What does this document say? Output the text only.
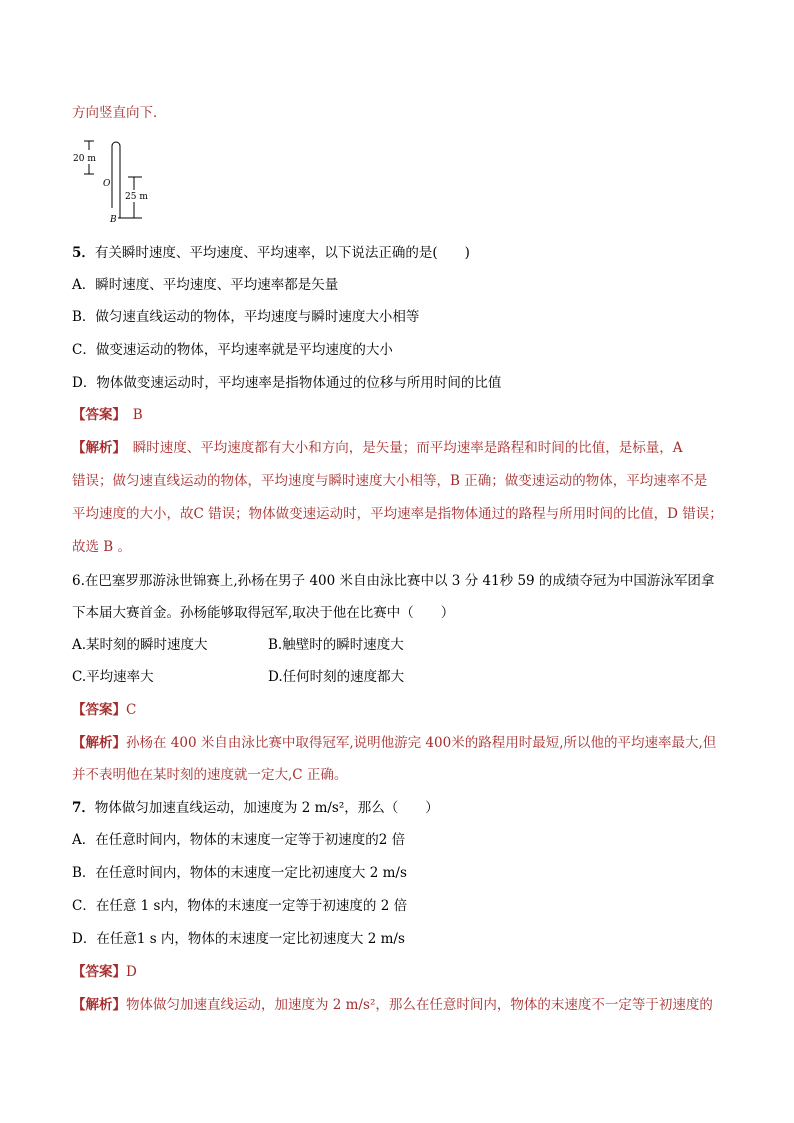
方向竖直向下．
20 m
O
25 m
B
5．有关瞬时速度、平均速度、平均速率，以下说法正确的是(　　)
A．瞬时速度、平均速度、平均速率都是矢量
B．做匀速直线运动的物体，平均速度与瞬时速度大小相等
C．做变速运动的物体，平均速率就是平均速度的大小
D．物体做变速运动时，平均速率是指物体通过的位移与所用时间的比值
【答案】　B
【解析】　瞬时速度、平均速度都有大小和方向，是矢量；而平均速率是路程和时间的比值，是标量，A
错误；做匀速直线运动的物体，平均速度与瞬时速度大小相等，B 正确；做变速运动的物体，平均速率不是
平均速度的大小，故C 错误；物体做变速运动时，平均速率是指物体通过的路程与所用时间的比值，D 错误；
故选 B 。
6.在巴塞罗那游泳世锦赛上,孙杨在男子 400 米自由泳比赛中以 3 分 41秒 59 的成绩夺冠为中国游泳军团拿
下本届大赛首金。孙杨能够取得冠军,取决于他在比赛中（　　）
A.某时刻的瞬时速度大	B.触壁时的瞬时速度大
C.平均速率大	D.任何时刻的速度都大
【答案】C
【解析】孙杨在 400 米自由泳比赛中取得冠军,说明他游完 400米的路程用时最短,所以他的平均速率最大,但
并不表明他在某时刻的速度就一定大,C 正确。
7．物体做匀加速直线运动，加速度为 2 m/s²，那么（　　）
A．在任意时间内，物体的末速度一定等于初速度的2 倍
B．在任意时间内，物体的末速度一定比初速度大 2 m/s
C．在任意 1 s内，物体的末速度一定等于初速度的 2 倍
D．在任意1 s 内，物体的末速度一定比初速度大 2 m/s
【答案】D
【解析】物体做匀加速直线运动，加速度为 2 m/s²，那么在任意时间内，物体的末速度不一定等于初速度的
